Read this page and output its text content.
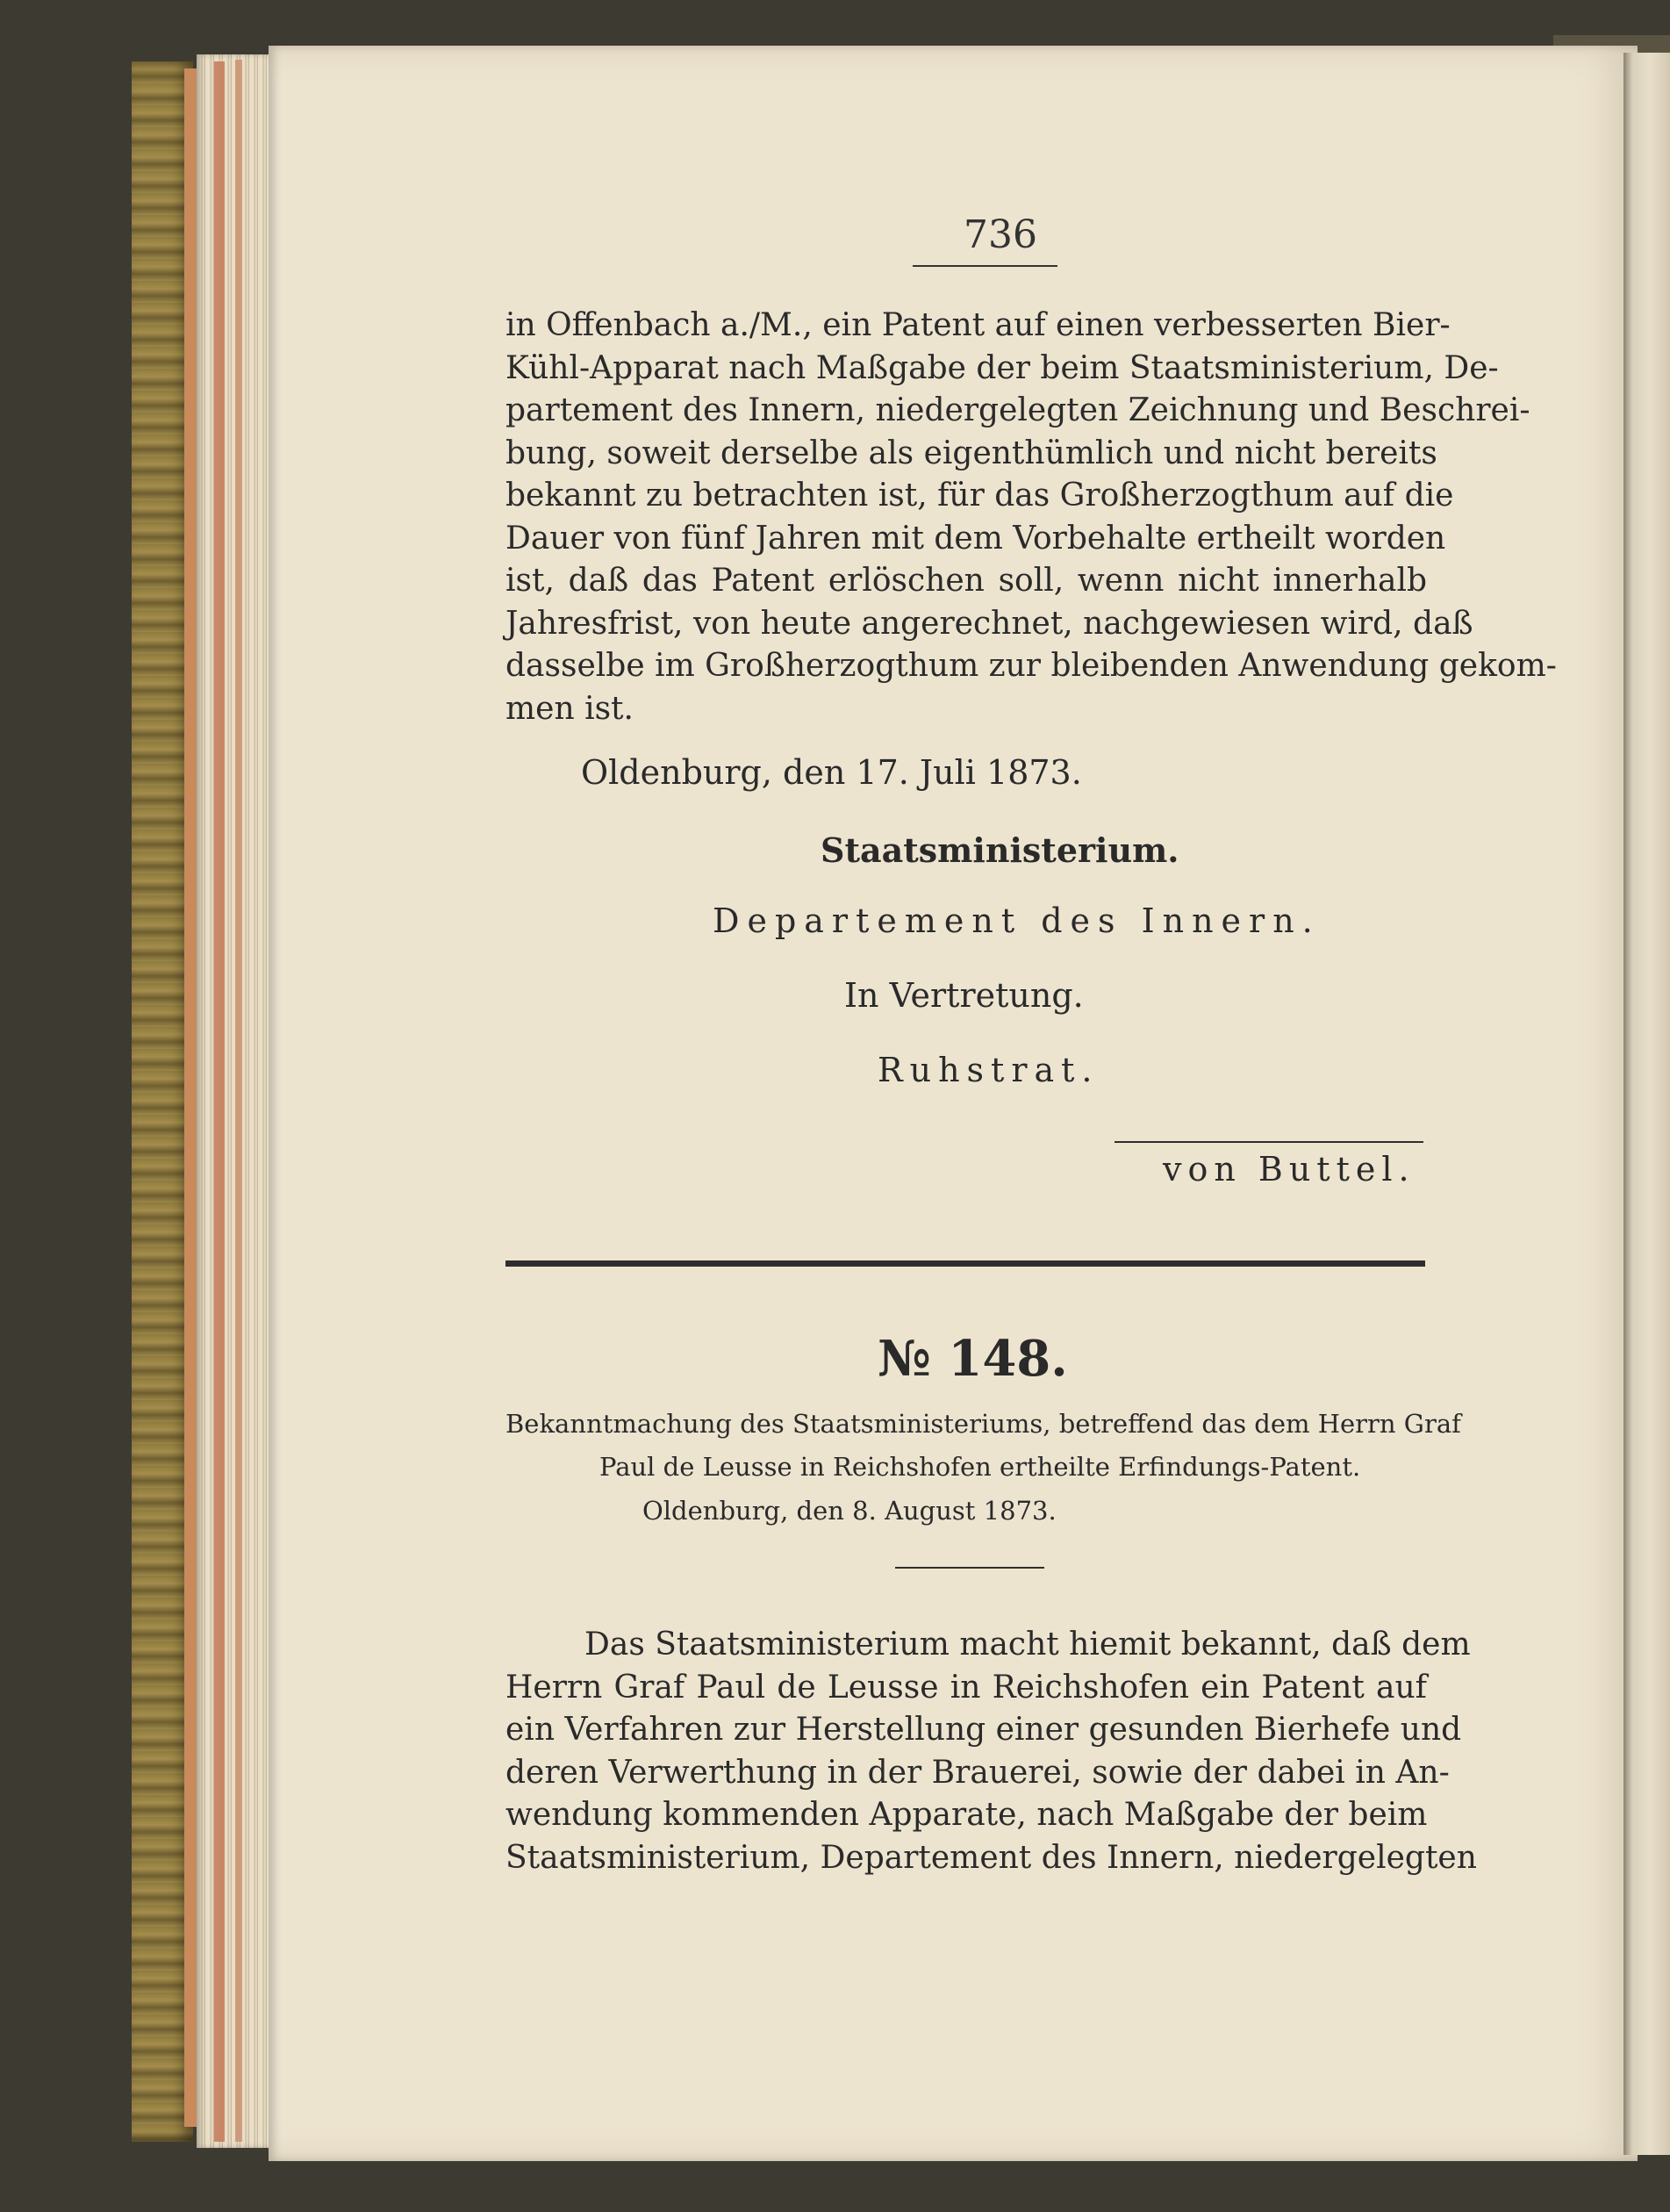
736
in Offenbach a./M., ein Patent auf einen verbesserten Bier-
Kühl-Apparat nach Maßgabe der beim Staatsministerium, De-
partement des Innern, niedergelegten Zeichnung und Beschrei-
bung, soweit derselbe als eigenthümlich und nicht bereits
bekannt zu betrachten ist, für das Großherzogthum auf die
Dauer von fünf Jahren mit dem Vorbehalte ertheilt worden
ist, daß das Patent erlöschen soll, wenn nicht innerhalb
Jahresfrist, von heute angerechnet, nachgewiesen wird, daß
dasselbe im Großherzogthum zur bleibenden Anwendung gekom-
men ist.
Oldenburg, den 17. Juli 1873.
Staatsministerium.
Departement des Innern.
In Vertretung.
Ruhstrat.
von Buttel.
№ 148.
Bekanntmachung des Staatsministeriums, betreffend das dem Herrn Graf
Paul de Leusse in Reichshofen ertheilte Erfindungs-Patent.
Oldenburg, den 8. August 1873.
Das Staatsministerium macht hiemit bekannt, daß dem
Herrn Graf Paul de Leusse in Reichshofen ein Patent auf
ein Verfahren zur Herstellung einer gesunden Bierhefe und
deren Verwerthung in der Brauerei, sowie der dabei in An-
wendung kommenden Apparate, nach Maßgabe der beim
Staatsministerium, Departement des Innern, niedergelegten
